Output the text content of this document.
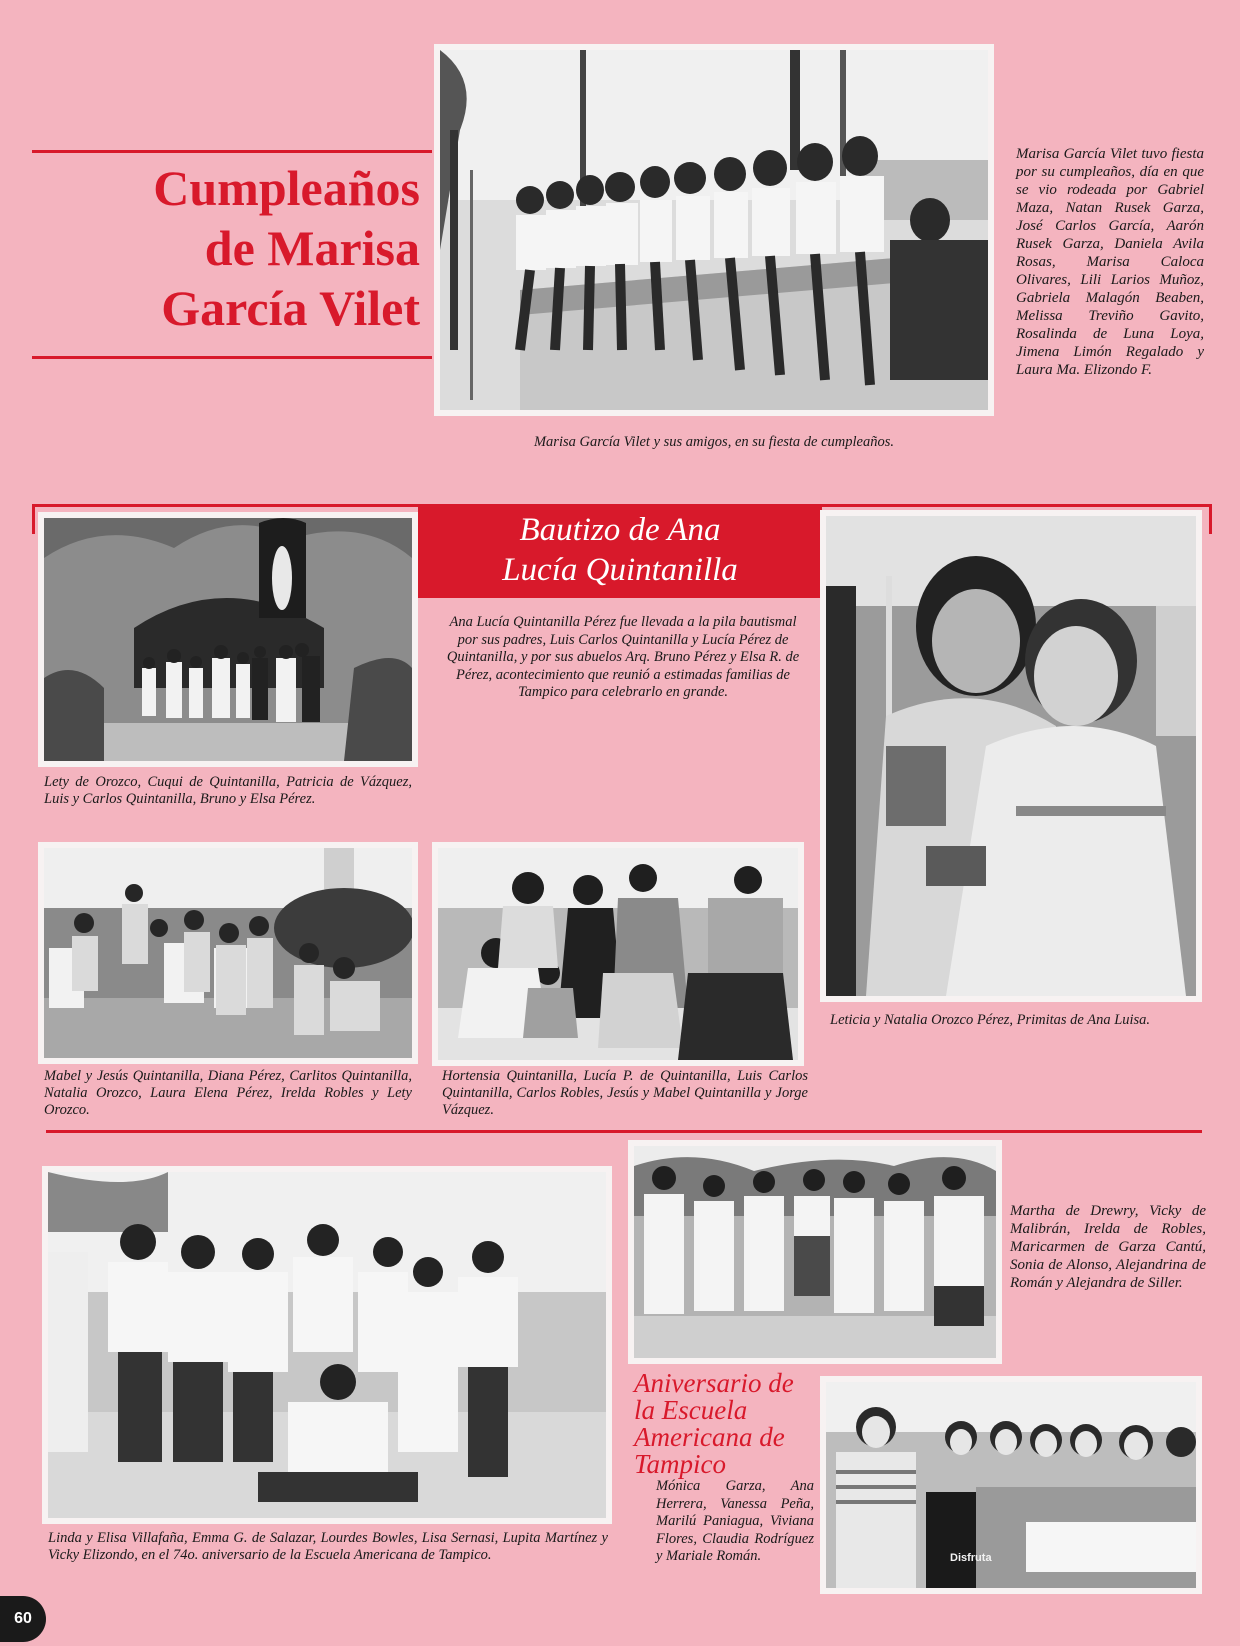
Cumpleaños
de Marisa
García Vilet
Marisa García Vilet y sus amigos, en su fiesta de cumpleaños.
Marisa García Vilet tuvo fiesta por su cumpleaños, día en que se vio rodeada por Gabriel Maza, Natan Rusek Garza, José Carlos García, Aarón Rusek Garza, Daniela Avila Rosas, Marisa Caloca Olivares, Lili Larios Muñoz, Gabriela Malagón Beaben, Melissa Treviño Gavito, Rosalinda de Luna Loya, Jimena Limón Regalado y Laura Ma. Elizondo F.
Lety de Orozco, Cuqui de Quintanilla, Patricia de Vázquez, Luis y Carlos Quintanilla, Bruno y Elsa Pérez.
Bautizo de Ana
Lucía Quintanilla
Ana Lucía Quintanilla Pérez fue llevada a la pila bautismal por sus padres, Luis Carlos Quintanilla y Lucía Pérez de Quintanilla, y por sus abuelos Arq. Bruno Pérez y Elsa R. de Pérez, acontecimiento que reunió a estimadas familias de Tampico para celebrarlo en grande.
Leticia y Natalia Orozco Pérez, Primitas de Ana Luisa.
Mabel y Jesús Quintanilla, Diana Pérez, Carlitos Quintanilla, Natalia Orozco, Laura Elena Pérez, Irelda Robles y Lety Orozco.
Hortensia Quintanilla, Lucía P. de Quintanilla, Luis Carlos Quintanilla, Carlos Robles, Jesús y Mabel Quintanilla y Jorge Vázquez.
Linda y Elisa Villafaña, Emma G. de Salazar, Lourdes Bowles, Lisa Sernasi, Lupita Martínez y Vicky Elizondo, en el 74o. aniversario de la Escuela Americana de Tampico.
Martha de Drewry, Vicky de Malibrán, Irelda de Robles, Maricarmen de Garza Cantú, Sonia de Alonso, Alejandrina de Román y Alejandra de Siller.
Aniversario de
la Escuela
Americana de
Tampico
Mónica Garza, Ana Herrera, Vanessa Peña, Marilú Paniagua, Viviana Flores, Claudia Rodríguez y Mariale Román.	Disfruta
60
